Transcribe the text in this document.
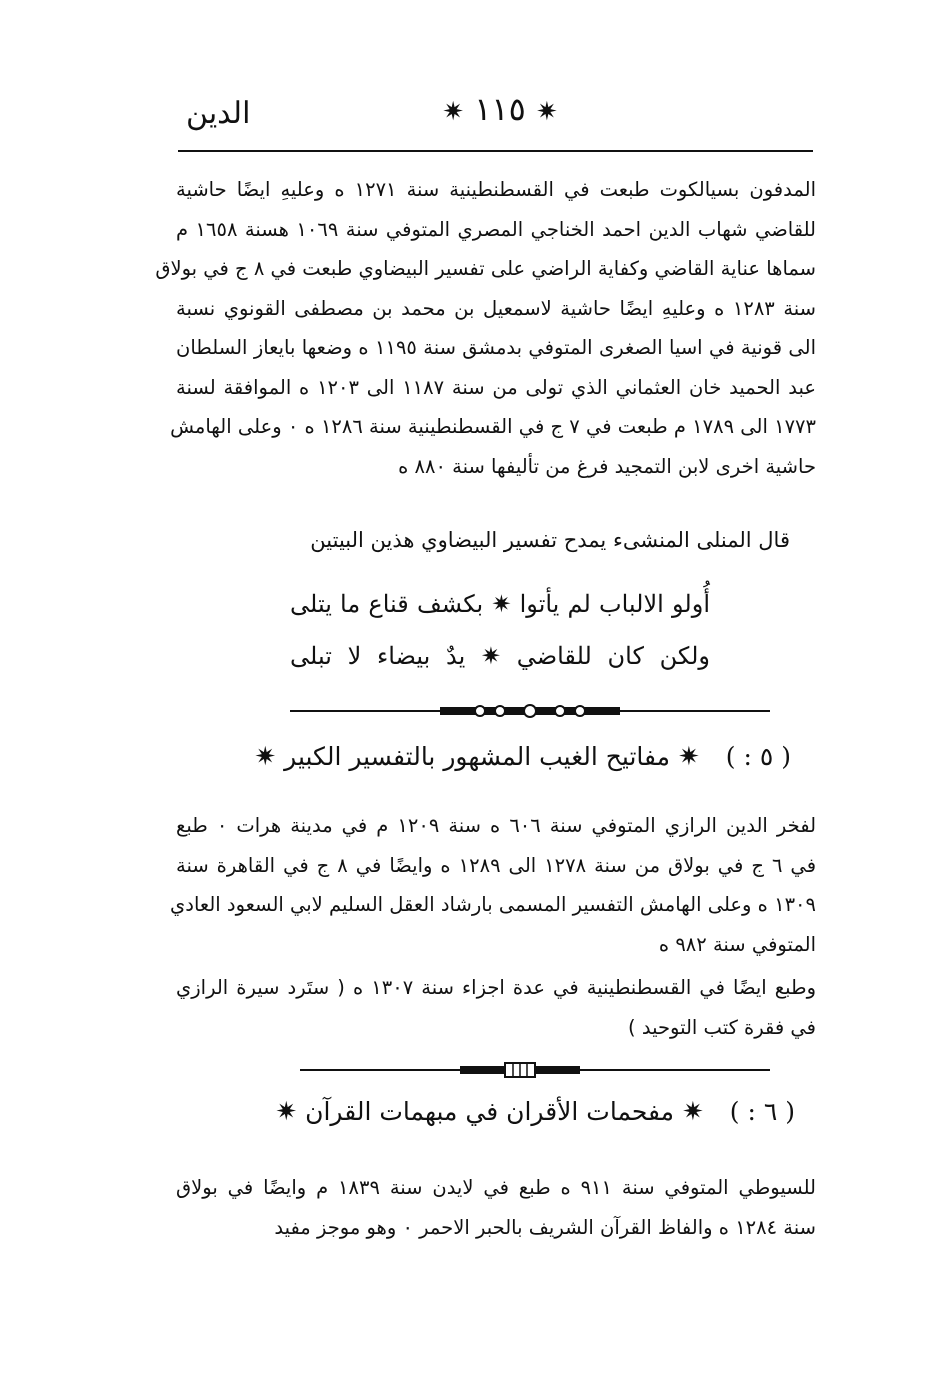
الدين	✷ ١١٥ ✷
المدفون بسيالكوت طبعت في القسطنطينية سنة ١٢٧١ ه وعليهِ ايضًا حاشية
للقاضي شهاب الدين احمد الخناجي المصري المتوفي سنة ١٠٦٩ هسنة ١٦٥٨ م
سماها عناية القاضي وكفاية الراضي على تفسير البيضاوي طبعت في ٨ ج في بولاق
سنة ١٢٨٣ ه وعليهِ ايضًا حاشية لاسمعيل بن محمد بن مصطفى القونوي نسبة
الى قونية في اسيا الصغرى المتوفي بدمشق سنة ١١٩٥ ه وضعها بايعاز السلطان
عبد الحميد خان العثماني الذي تولى من سنة ١١٨٧ الى ١٢٠٣ ه الموافقة لسنة
١٧٧٣ الى ١٧٨٩ م طبعت في ٧ ج في القسطنطينية سنة ١٢٨٦ ه ٠ وعلى الهامش
حاشية اخرى لابن التمجيد فرغ من تأليفها سنة ٨٨٠ ه
قال المنلى المنشىء يمدح تفسير البيضاوي هذين البيتين
أُولو الالباب لم يأتوا ✷ بكشف قناع ما يتلى
ولكن كان للقاضي ✷ يدٌ بيضاء لا تبلى
( ٥ : ) ✷ مفاتيح الغيب المشهور بالتفسير الكبير ✷
لفخر الدين الرازي المتوفي سنة ٦٠٦ ه سنة ١٢٠٩ م في مدينة هرات ٠ طبع
في ٦ ج في بولاق من سنة ١٢٧٨ الى ١٢٨٩ ه وايضًا في ٨ ج في القاهرة سنة
١٣٠٩ ه وعلى الهامش التفسير المسمى بارشاد العقل السليم لابي السعود العادي
المتوفي سنة ٩٨٢ ه
وطبع ايضًا في القسطنطينية في عدة اجزاء سنة ١٣٠٧ ه ( ستَرد سيرة الرازي
في فقرة كتب التوحيد )
( ٦ : ) ✷ مفحمات الأقران في مبهمات القرآن ✷
للسيوطي المتوفي سنة ٩١١ ه طبع في لايدن سنة ١٨٣٩ م وايضًا في بولاق
سنة ١٢٨٤ ه والفاظ القرآن الشريف بالحبر الاحمر ٠ وهو موجز مفيد
